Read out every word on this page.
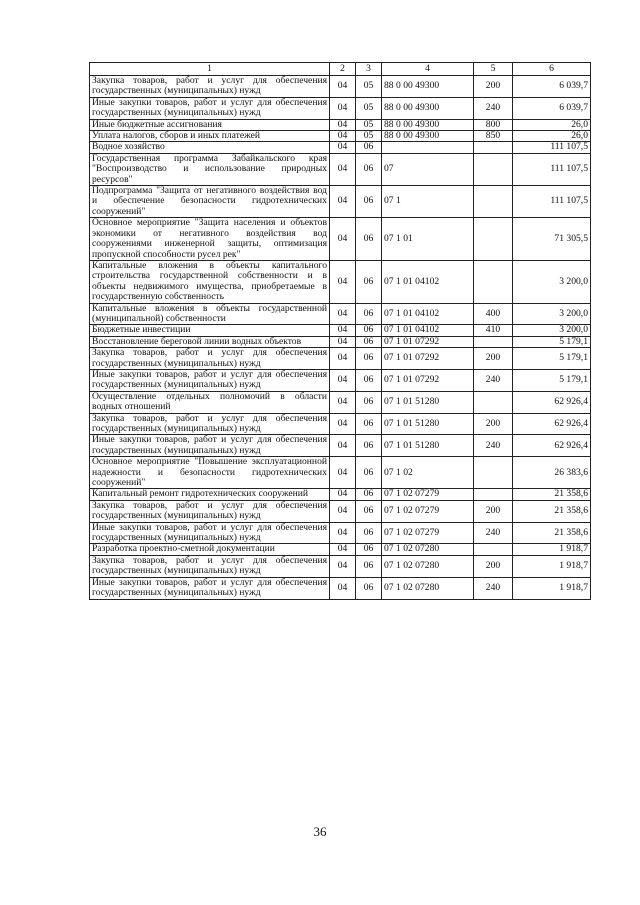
1	2	3	4	5	6
Закупка товаров, работ и услуг для обеспечения государственных (муниципальных) нужд	04	05	88 0 00 49300	200	6 039,7
Иные закупки товаров, работ и услуг для обеспечения государственных (муниципальных) нужд	04	05	88 0 00 49300	240	6 039,7
Иные бюджетные ассигнования	04	05	88 0 00 49300	800	26,0
Уплата налогов, сборов и иных платежей	04	05	88 0 00 49300	850	26,0
Водное хозяйство	04	06			111 107,5
Государственная программа Забайкальского края "Воспроизводство и использование природных ресурсов"	04	06	07		111 107,5
Подпрограмма "Защита от негативного воздействия вод и обеспечение безопасности гидротехнических сооружений"	04	06	07 1		111 107,5
Основное мероприятие "Защита населения и объектов экономики от негативного воздействия вод сооружениями инженерной защиты, оптимизация пропускной способности русел рек"	04	06	07 1 01		71 305,5
Капитальные вложения в объекты капитального строительства государственной собственности и в объекты недвижимого имущества, приобретаемые в государственную собственность	04	06	07 1 01 04102		3 200,0
Капитальные вложения в объекты государственной (муниципальной) собственности	04	06	07 1 01 04102	400	3 200,0
Бюджетные инвестиции	04	06	07 1 01 04102	410	3 200,0
Восстановление береговой линии водных объектов	04	06	07 1 01 07292		5 179,1
Закупка товаров, работ и услуг для обеспечения государственных (муниципальных) нужд	04	06	07 1 01 07292	200	5 179,1
Иные закупки товаров, работ и услуг для обеспечения государственных (муниципальных) нужд	04	06	07 1 01 07292	240	5 179,1
Осуществление отдельных полномочий в области водных отношений	04	06	07 1 01 51280		62 926,4
Закупка товаров, работ и услуг для обеспечения государственных (муниципальных) нужд	04	06	07 1 01 51280	200	62 926,4
Иные закупки товаров, работ и услуг для обеспечения государственных (муниципальных) нужд	04	06	07 1 01 51280	240	62 926,4
Основное мероприятие "Повышение эксплуатационной надежности и безопасности гидротехнических сооружений"	04	06	07 1 02		26 383,6
Капитальный ремонт гидротехнических сооружений	04	06	07 1 02 07279		21 358,6
Закупка товаров, работ и услуг для обеспечения государственных (муниципальных) нужд	04	06	07 1 02 07279	200	21 358,6
Иные закупки товаров, работ и услуг для обеспечения государственных (муниципальных) нужд	04	06	07 1 02 07279	240	21 358,6
Разработка проектно-сметной документации	04	06	07 1 02 07280		1 918,7
Закупка товаров, работ и услуг для обеспечения государственных (муниципальных) нужд	04	06	07 1 02 07280	200	1 918,7
Иные закупки товаров, работ и услуг для обеспечения государственных (муниципальных) нужд	04	06	07 1 02 07280	240	1 918,7
36
